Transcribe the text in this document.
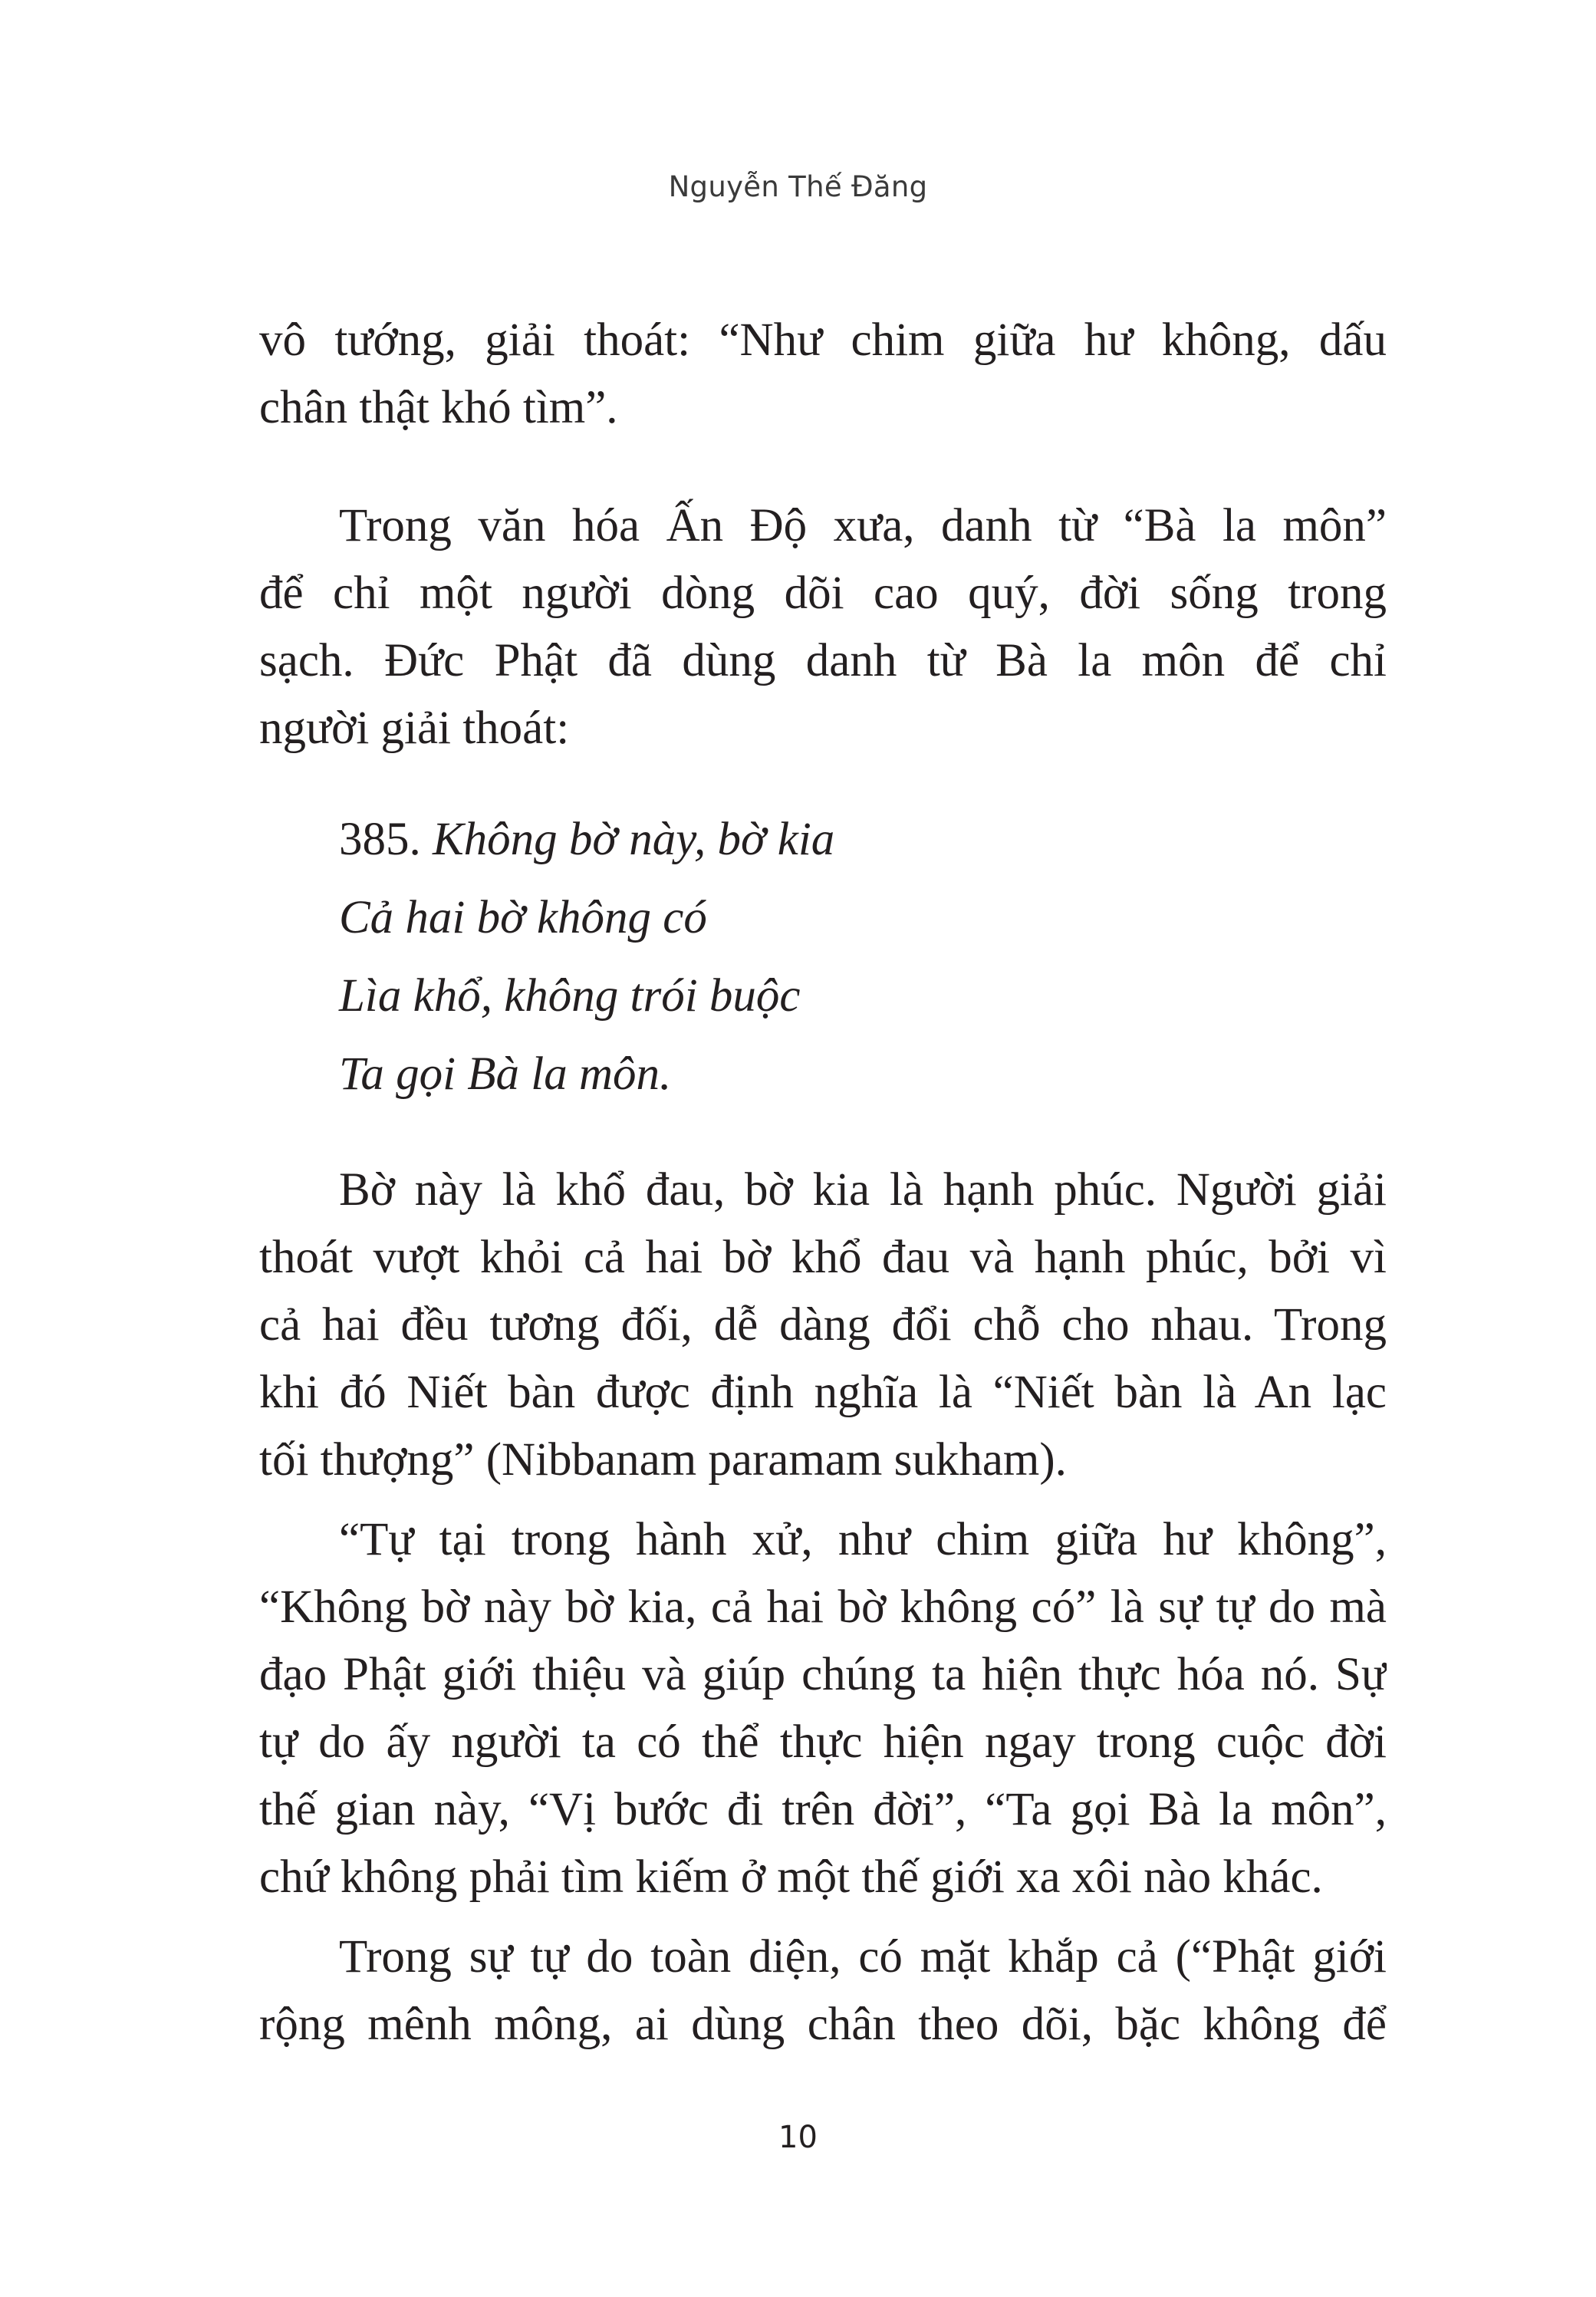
Nguyễn Thế Đăng
vô tướng, giải thoát: “Như chim giữa hư không, dấu
chân thật khó tìm”.
Trong văn hóa Ấn Độ xưa, danh từ “Bà la môn”
để chỉ một người dòng dõi cao quý, đời sống trong
sạch. Đức Phật đã dùng danh từ Bà la môn để chỉ
người giải thoát:
385. Không bờ này, bờ kia
Cả hai bờ không có
Lìa khổ, không trói buộc
Ta gọi Bà la môn.
Bờ này là khổ đau, bờ kia là hạnh phúc. Người giải
thoát vượt khỏi cả hai bờ khổ đau và hạnh phúc, bởi vì
cả hai đều tương đối, dễ dàng đổi chỗ cho nhau. Trong
khi đó Niết bàn được định nghĩa là “Niết bàn là An lạc
tối thượng” (Nibbanam paramam sukham).
“Tự tại trong hành xử, như chim giữa hư không”,
“Không bờ này bờ kia, cả hai bờ không có” là sự tự do mà
đạo Phật giới thiệu và giúp chúng ta hiện thực hóa nó. Sự
tự do ấy người ta có thể thực hiện ngay trong cuộc đời
thế gian này, “Vị bước đi trên đời”, “Ta gọi Bà la môn”,
chứ không phải tìm kiếm ở một thế giới xa xôi nào khác.
Trong sự tự do toàn diện, có mặt khắp cả (“Phật giới
rộng mênh mông, ai dùng chân theo dõi, bặc không để
10
